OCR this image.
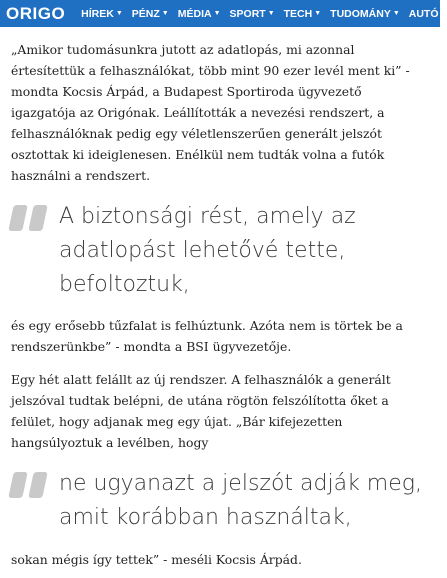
ORIGO HÍREK ▼ PÉNZ ▼ MÉDIA ▼ SPORT ▼ TECH ▼ TUDOMÁNY ▼ AUTÓ ▼

„Amikor tudomásunkra jutott az adatlopás, mi azonnal értesítettük a felhasználókat, több mint 90 ezer levél ment ki” - mondta Kocsis Árpád, a Budapest Sportiroda ügyvezető igazgatója az Origónak. Leállították a nevezési rendszert, a felhasználóknak pedig egy véletlenszerűen generált jelszót osztottak ki ideiglenesen. Enélkül nem tudták volna a futók használni a rendszert.

A biztonsági rést, amely az adatlopást lehetővé tette, befoltoztuk,

és egy erősebb tűzfalat is felhúztunk. Azóta nem is törtek be a rendszerünkbe” - mondta a BSI ügyvezetője.

Egy hét alatt felállt az új rendszer. A felhasználók a generált jelszóval tudtak belépni, de utána rögtön felszólította őket a felület, hogy adjanak meg egy újat. „Bár kifejezetten hangsúlyoztuk a levélben, hogy

ne ugyanazt a jelszót adják meg, amit korábban használtak,

sokan mégis így tettek” - meséli Kocsis Árpád.
